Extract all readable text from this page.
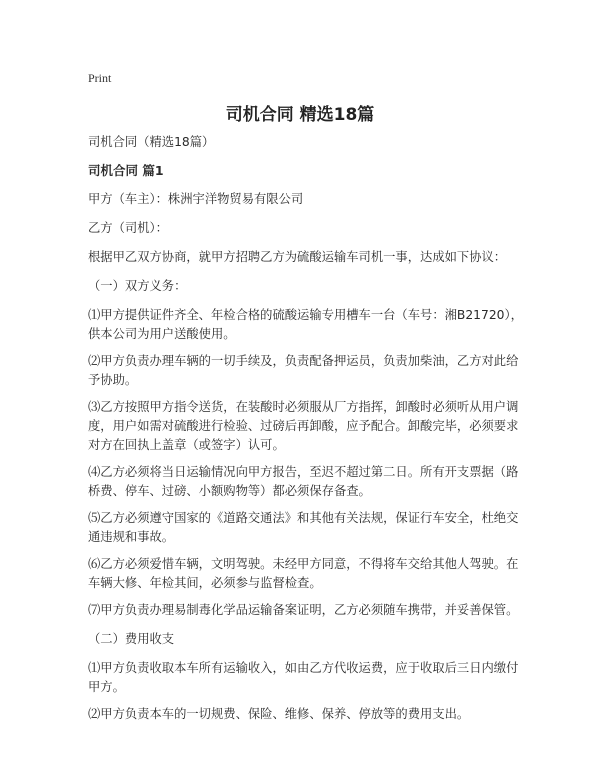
Print
司机合同 精选18篇
司机合同（精选18篇）
司机合同 篇1
甲方（车主）：株洲宇洋物贸易有限公司
乙方（司机）：
根据甲乙双方协商，就甲方招聘乙方为硫酸运输车司机一事，达成如下协议：
（一）双方义务：
⑴甲方提供证件齐全、年检合格的硫酸运输专用槽车一台（车号：湘B21720），供本公司为用户送酸使用。
⑵甲方负责办理车辆的一切手续及，负责配备押运员，负责加柴油，乙方对此给予协助。
⑶乙方按照甲方指令送货，在装酸时必须服从厂方指挥，卸酸时必须听从用户调度，用户如需对硫酸进行检验、过磅后再卸酸，应予配合。卸酸完毕，必须要求对方在回执上盖章（或签字）认可。
⑷乙方必须将当日运输情况向甲方报告，至迟不超过第二日。所有开支票据（路桥费、停车、过磅、小额购物等）都必须保存备查。
⑸乙方必须遵守国家的《道路交通法》和其他有关法规，保证行车安全，杜绝交通违规和事故。
⑹乙方必须爱惜车辆，文明驾驶。未经甲方同意，不得将车交给其他人驾驶。在车辆大修、年检其间，必须参与监督检查。
⑺甲方负责办理易制毒化学品运输备案证明，乙方必须随车携带，并妥善保管。
（二）费用收支
⑴甲方负责收取本车所有运输收入，如由乙方代收运费，应于收取后三日内缴付甲方。
⑵甲方负责本车的一切规费、保险、维修、保养、停放等的费用支出。
